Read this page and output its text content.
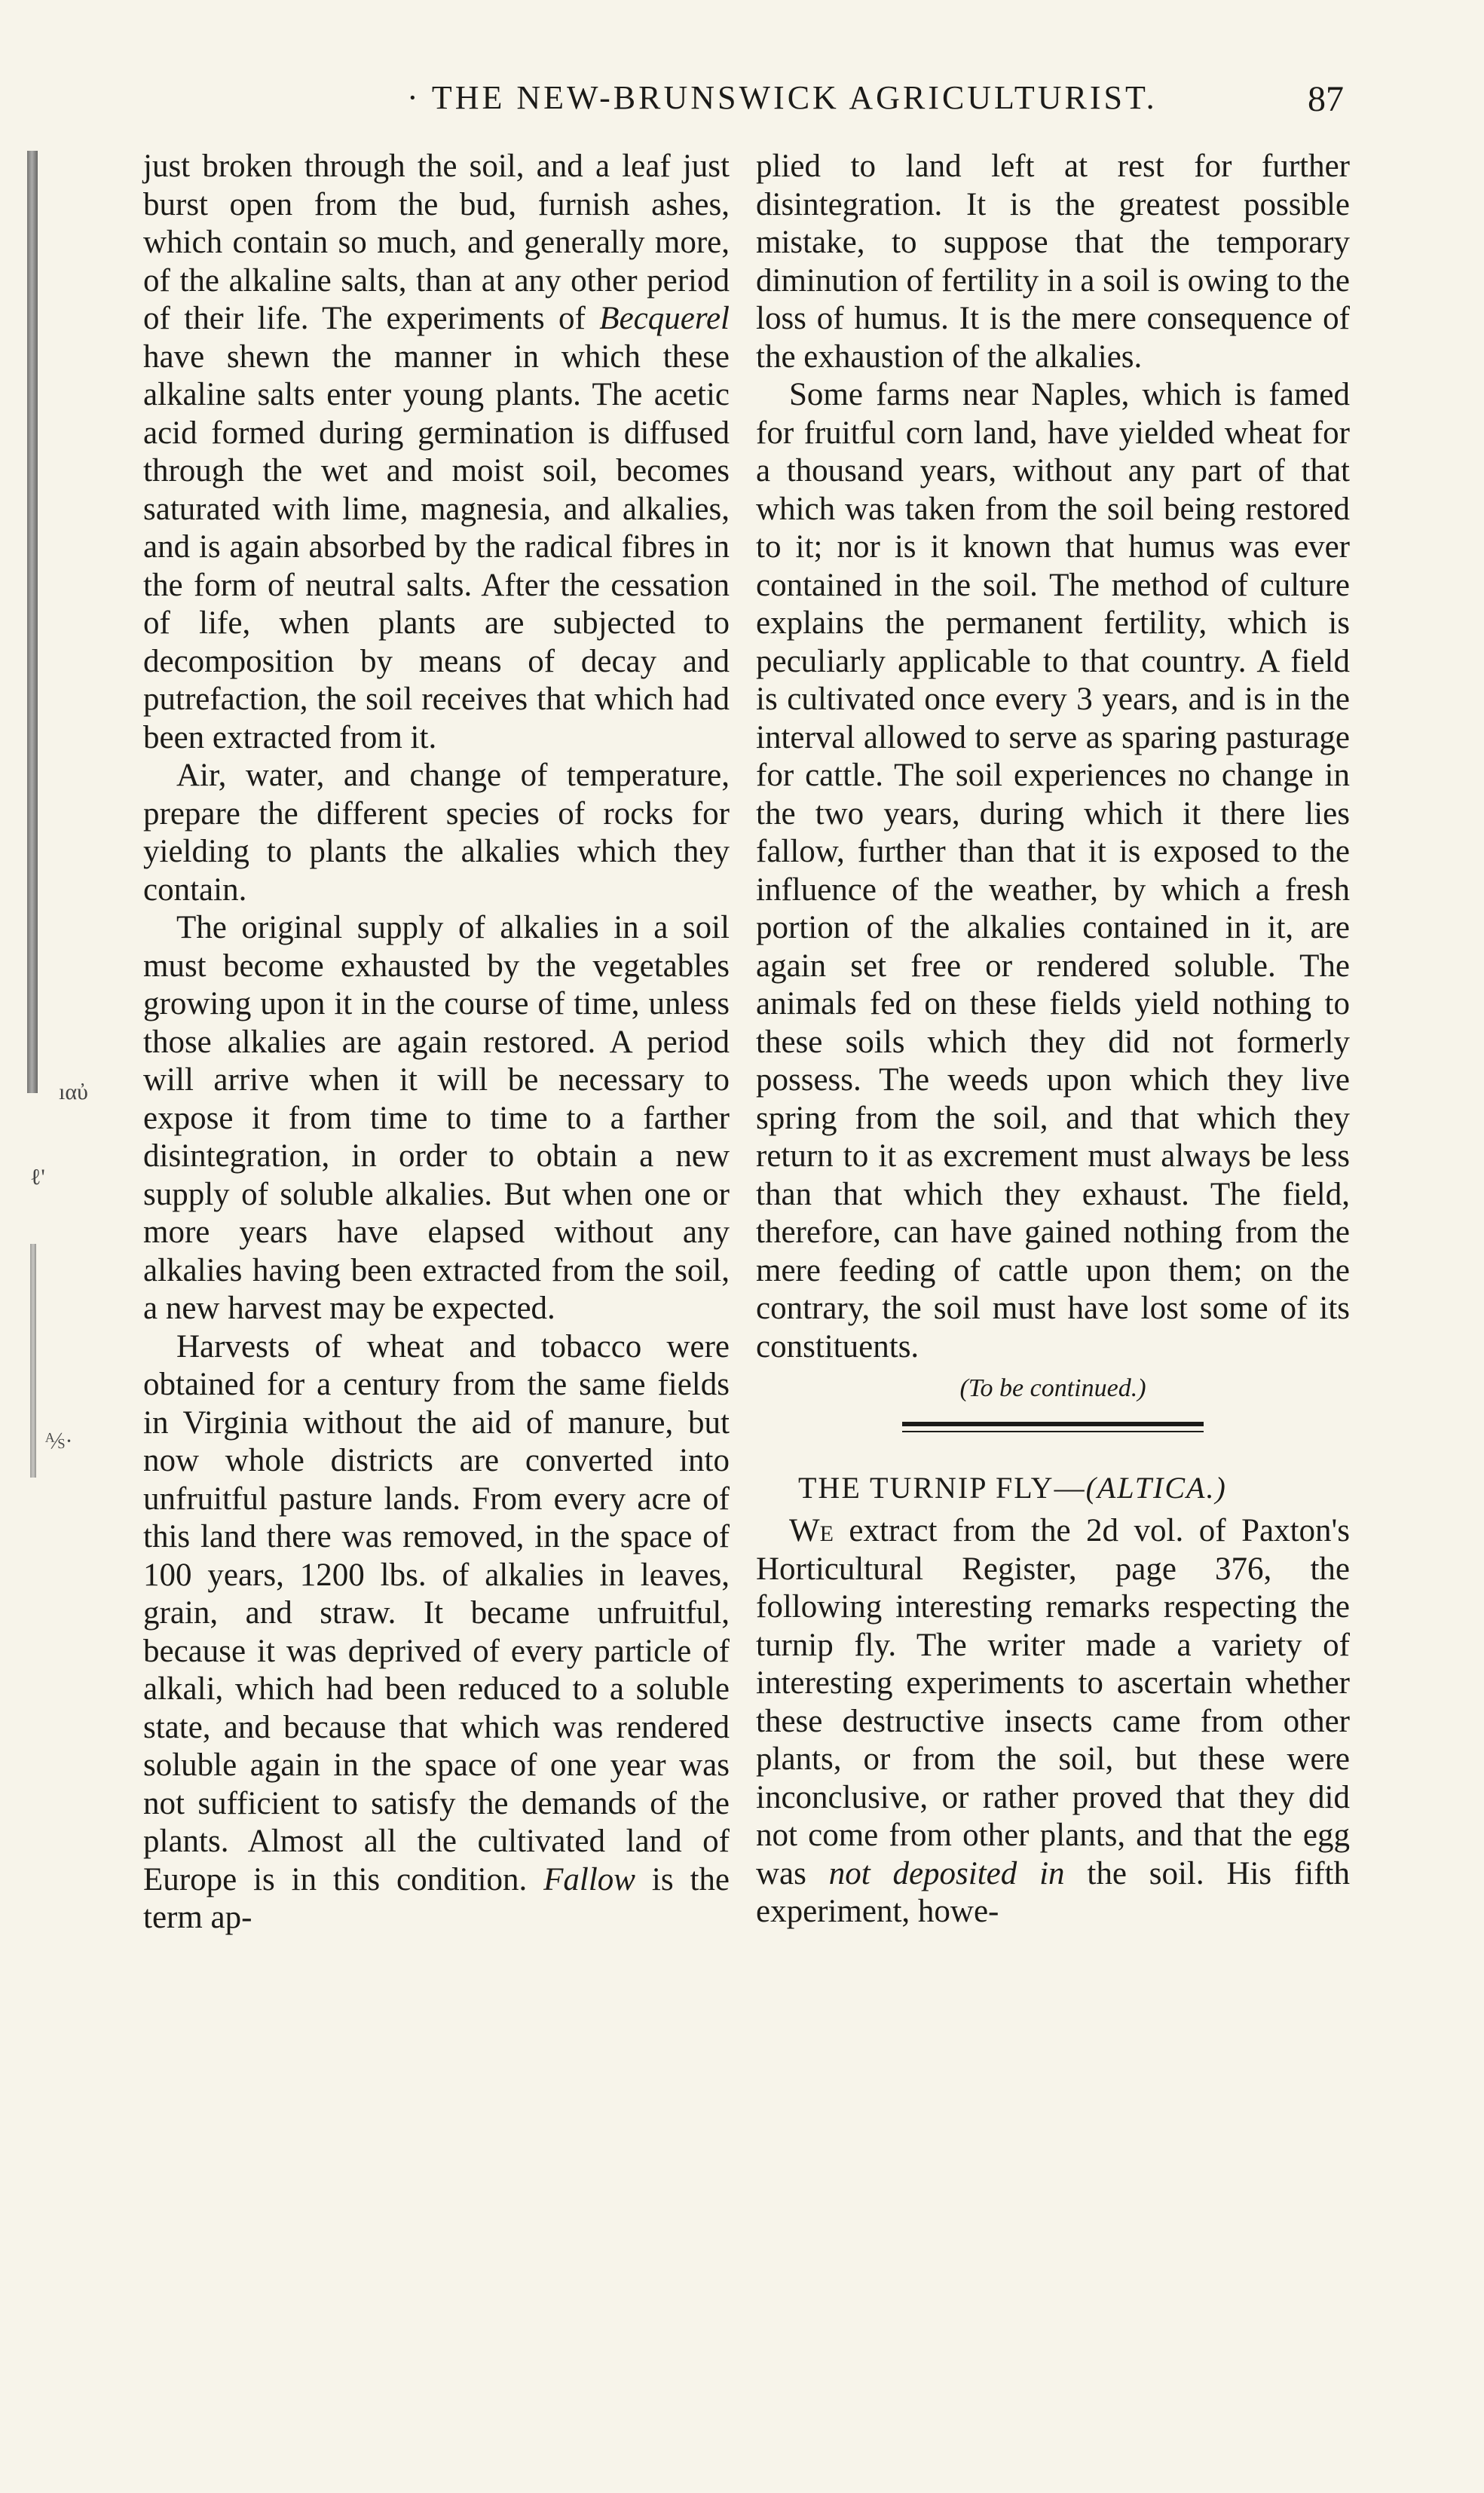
ıαὐ
ℓ'
⅍·
· THE NEW-BRUNSWICK AGRICULTURIST.	87

just broken through the soil, and a leaf just burst open from the bud, furnish ashes, which contain so much, and generally more, of the alkaline salts, than at any other period of their life. The experiments of Becquerel have shewn the manner in which these alkaline salts enter young plants. The acetic acid formed during germination is diffused through the wet and moist soil, becomes saturated with lime, magnesia, and alkalies, and is again absorbed by the radical fibres in the form of neutral salts. After the cessation of life, when plants are subjected to decomposition by means of decay and putrefaction, the soil receives that which had been extracted from it.

Air, water, and change of temperature, prepare the different species of rocks for yielding to plants the alkalies which they contain.

The original supply of alkalies in a soil must become exhausted by the vegetables growing upon it in the course of time, unless those alkalies are again restored. A period will arrive when it will be necessary to expose it from time to time to a farther disintegration, in order to obtain a new supply of soluble alkalies. But when one or more years have elapsed without any alkalies having been extracted from the soil, a new harvest may be expected.

Harvests of wheat and tobacco were obtained for a century from the same fields in Virginia without the aid of manure, but now whole districts are converted into unfruitful pasture lands. From every acre of this land there was removed, in the space of 100 years, 1200 lbs. of alkalies in leaves, grain, and straw. It became unfruitful, because it was deprived of every particle of alkali, which had been reduced to a soluble state, and because that which was rendered soluble again in the space of one year was not sufficient to satisfy the demands of the plants. Almost all the cultivated land of Europe is in this condition. Fallow is the term ap-

plied to land left at rest for further disintegration. It is the greatest possible mistake, to suppose that the temporary diminution of fertility in a soil is owing to the loss of humus. It is the mere consequence of the exhaustion of the alkalies.

Some farms near Naples, which is famed for fruitful corn land, have yielded wheat for a thousand years, without any part of that which was taken from the soil being restored to it; nor is it known that humus was ever contained in the soil. The method of culture explains the permanent fertility, which is peculiarly applicable to that country. A field is cultivated once every 3 years, and is in the interval allowed to serve as sparing pasturage for cattle. The soil experiences no change in the two years, during which it there lies fallow, further than that it is exposed to the influence of the weather, by which a fresh portion of the alkalies contained in it, are again set free or rendered soluble. The animals fed on these fields yield nothing to these soils which they did not formerly possess. The weeds upon which they live spring from the soil, and that which they return to it as excrement must always be less than that which they exhaust. The field, therefore, can have gained nothing from the mere feeding of cattle upon them; on the contrary, the soil must have lost some of its constituents.

(To be continued.)

THE TURNIP FLY—(ALTICA.)

We extract from the 2d vol. of Paxton's Horticultural Register, page 376, the following interesting remarks respecting the turnip fly. The writer made a variety of interesting experiments to ascertain whether these destructive insects came from other plants, or from the soil, but these were inconclusive, or rather proved that they did not come from other plants, and that the egg was not deposited in the soil. His fifth experiment, howe-
